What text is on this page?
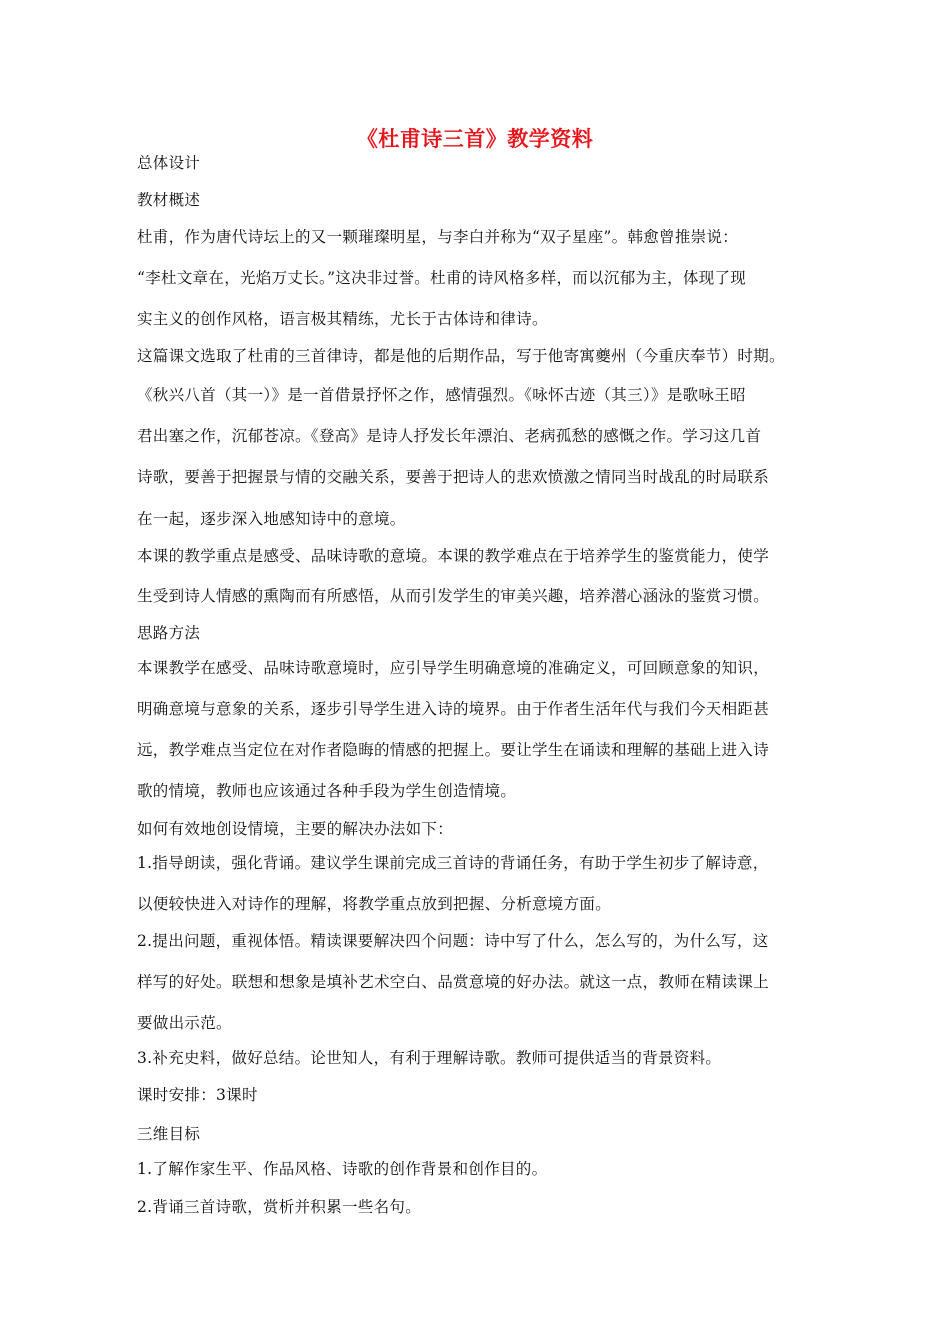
《杜甫诗三首》教学资料
总体设计
教材概述
杜甫，作为唐代诗坛上的又一颗璀璨明星，与李白并称为“双子星座”。韩愈曾推崇说：
“李杜文章在，光焰万丈长。”这决非过誉。杜甫的诗风格多样，而以沉郁为主，体现了现
实主义的创作风格，语言极其精练，尤长于古体诗和律诗。
这篇课文选取了杜甫的三首律诗，都是他的后期作品，写于他寄寓夔州（今重庆奉节）时期。
《秋兴八首（其一）》是一首借景抒怀之作，感情强烈。《咏怀古迹（其三）》是歌咏王昭
君出塞之作，沉郁苍凉。《登高》是诗人抒发长年漂泊、老病孤愁的感慨之作。学习这几首
诗歌，要善于把握景与情的交融关系，要善于把诗人的悲欢愤激之情同当时战乱的时局联系
在一起，逐步深入地感知诗中的意境。
本课的教学重点是感受、品味诗歌的意境。本课的教学难点在于培养学生的鉴赏能力，使学
生受到诗人情感的熏陶而有所感悟，从而引发学生的审美兴趣，培养潜心涵泳的鉴赏习惯。
思路方法
本课教学在感受、品味诗歌意境时，应引导学生明确意境的准确定义，可回顾意象的知识，
明确意境与意象的关系，逐步引导学生进入诗的境界。由于作者生活年代与我们今天相距甚
远，教学难点当定位在对作者隐晦的情感的把握上。要让学生在诵读和理解的基础上进入诗
歌的情境，教师也应该通过各种手段为学生创造情境。
如何有效地创设情境，主要的解决办法如下：
1.指导朗读，强化背诵。建议学生课前完成三首诗的背诵任务，有助于学生初步了解诗意，
以便较快进入对诗作的理解，将教学重点放到把握、分析意境方面。
2.提出问题，重视体悟。精读课要解决四个问题：诗中写了什么，怎么写的，为什么写，这
样写的好处。联想和想象是填补艺术空白、品赏意境的好办法。就这一点，教师在精读课上
要做出示范。
3.补充史料，做好总结。论世知人，有利于理解诗歌。教师可提供适当的背景资料。
课时安排：3课时
三维目标
1.了解作家生平、作品风格、诗歌的创作背景和创作目的。
2.背诵三首诗歌，赏析并积累一些名句。
